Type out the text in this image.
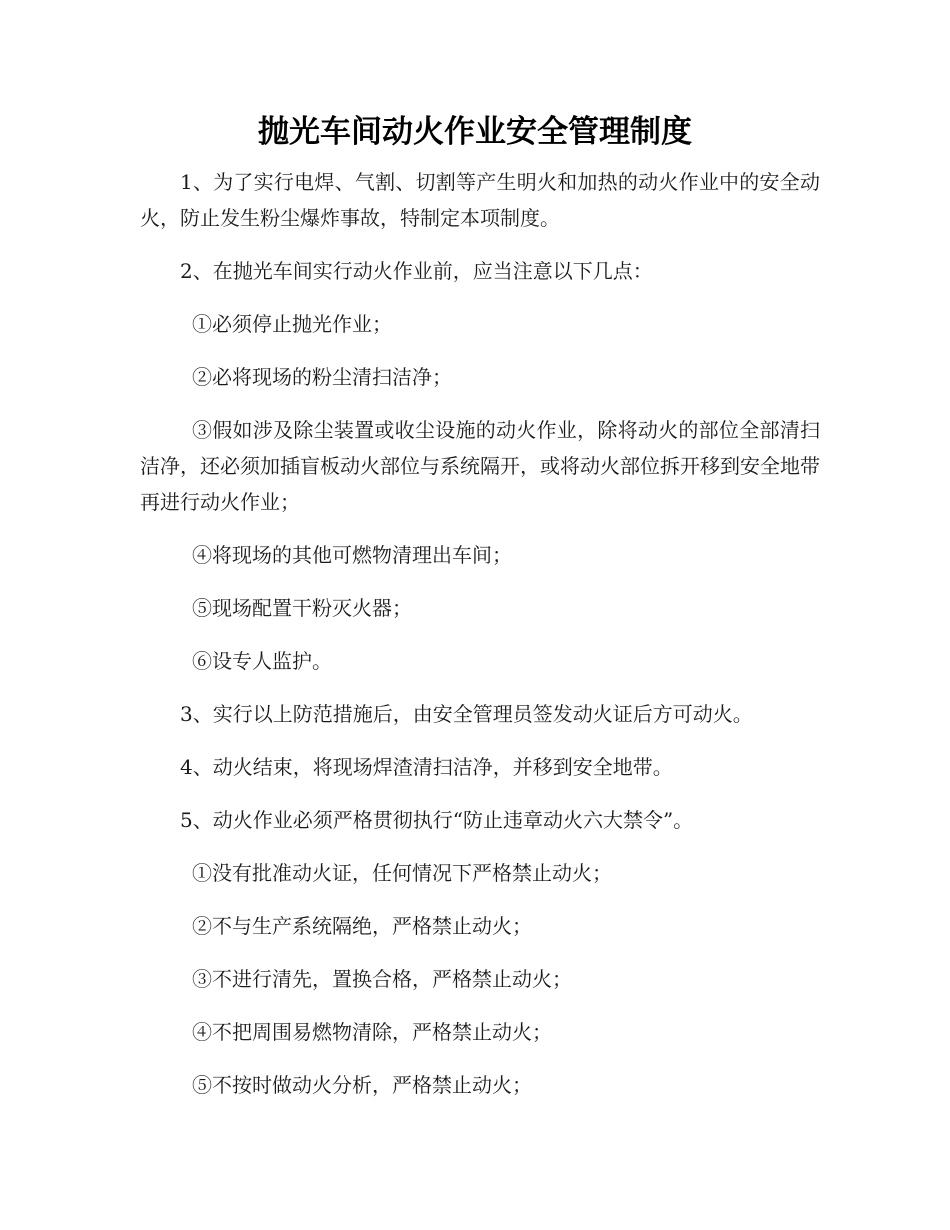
抛光车间动火作业安全管理制度

1、为了实行电焊、气割、切割等产生明火和加热的动火作业中的安全动火，防止发生粉尘爆炸事故，特制定本项制度。

2、在抛光车间实行动火作业前，应当注意以下几点：

①必须停止抛光作业；

②必将现场的粉尘清扫洁净；

③假如涉及除尘装置或收尘设施的动火作业，除将动火的部位全部清扫洁净，还必须加插盲板动火部位与系统隔开，或将动火部位拆开移到安全地带再进行动火作业；

④将现场的其他可燃物清理出车间；

⑤现场配置干粉灭火器；

⑥设专人监护。

3、实行以上防范措施后，由安全管理员签发动火证后方可动火。

4、动火结束，将现场焊渣清扫洁净，并移到安全地带。

5、动火作业必须严格贯彻执行“防止违章动火六大禁令”。

①没有批准动火证，任何情况下严格禁止动火；

②不与生产系统隔绝，严格禁止动火；

③不进行清先，置换合格，严格禁止动火；

④不把周围易燃物清除，严格禁止动火；

⑤不按时做动火分析，严格禁止动火；
